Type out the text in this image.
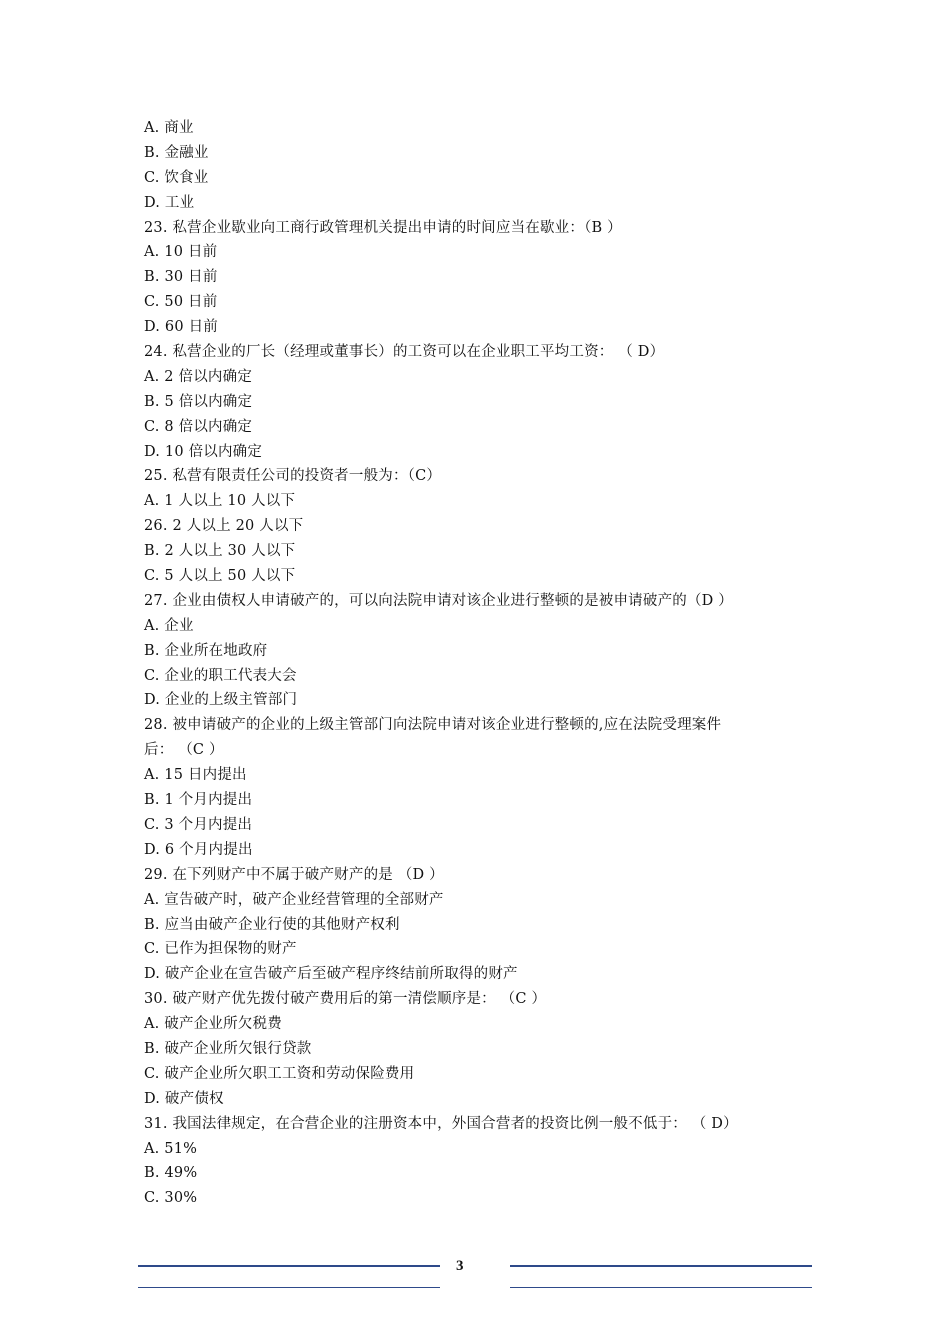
A. 商业
B. 金融业
C. 饮食业
D. 工业
23. 私营企业歇业向工商行政管理机关提出申请的时间应当在歇业：（B ）
A. 10 日前
B. 30 日前
C. 50 日前
D. 60 日前
24. 私营企业的厂长（经理或董事长）的工资可以在企业职工平均工资： （ D）
A. 2 倍以内确定
B. 5 倍以内确定
C. 8 倍以内确定
D. 10 倍以内确定
25. 私营有限责任公司的投资者一般为：（C）
A. 1 人以上 10 人以下
26. 2 人以上 20 人以下
B. 2 人以上 30 人以下
C. 5 人以上 50 人以下
27. 企业由债权人申请破产的，可以向法院申请对该企业进行整顿的是被申请破产的（D ）
A. 企业
B. 企业所在地政府
C. 企业的职工代表大会
D. 企业的上级主管部门
28. 被申请破产的企业的上级主管部门向法院申请对该企业进行整顿的,应在法院受理案件
后： （C ）
A. 15 日内提出
B. 1 个月内提出
C. 3 个月内提出
D. 6 个月内提出
29. 在下列财产中不属于破产财产的是 （D ）
A. 宣告破产时，破产企业经营管理的全部财产
B. 应当由破产企业行使的其他财产权利
C. 已作为担保物的财产
D. 破产企业在宣告破产后至破产程序终结前所取得的财产
30. 破产财产优先拨付破产费用后的第一清偿顺序是： （C ）
A. 破产企业所欠税费
B. 破产企业所欠银行贷款
C. 破产企业所欠职工工资和劳动保险费用
D. 破产债权
31. 我国法律规定，在合营企业的注册资本中，外国合营者的投资比例一般不低于： （ D）
A. 51%
B. 49%
C. 30%
3
